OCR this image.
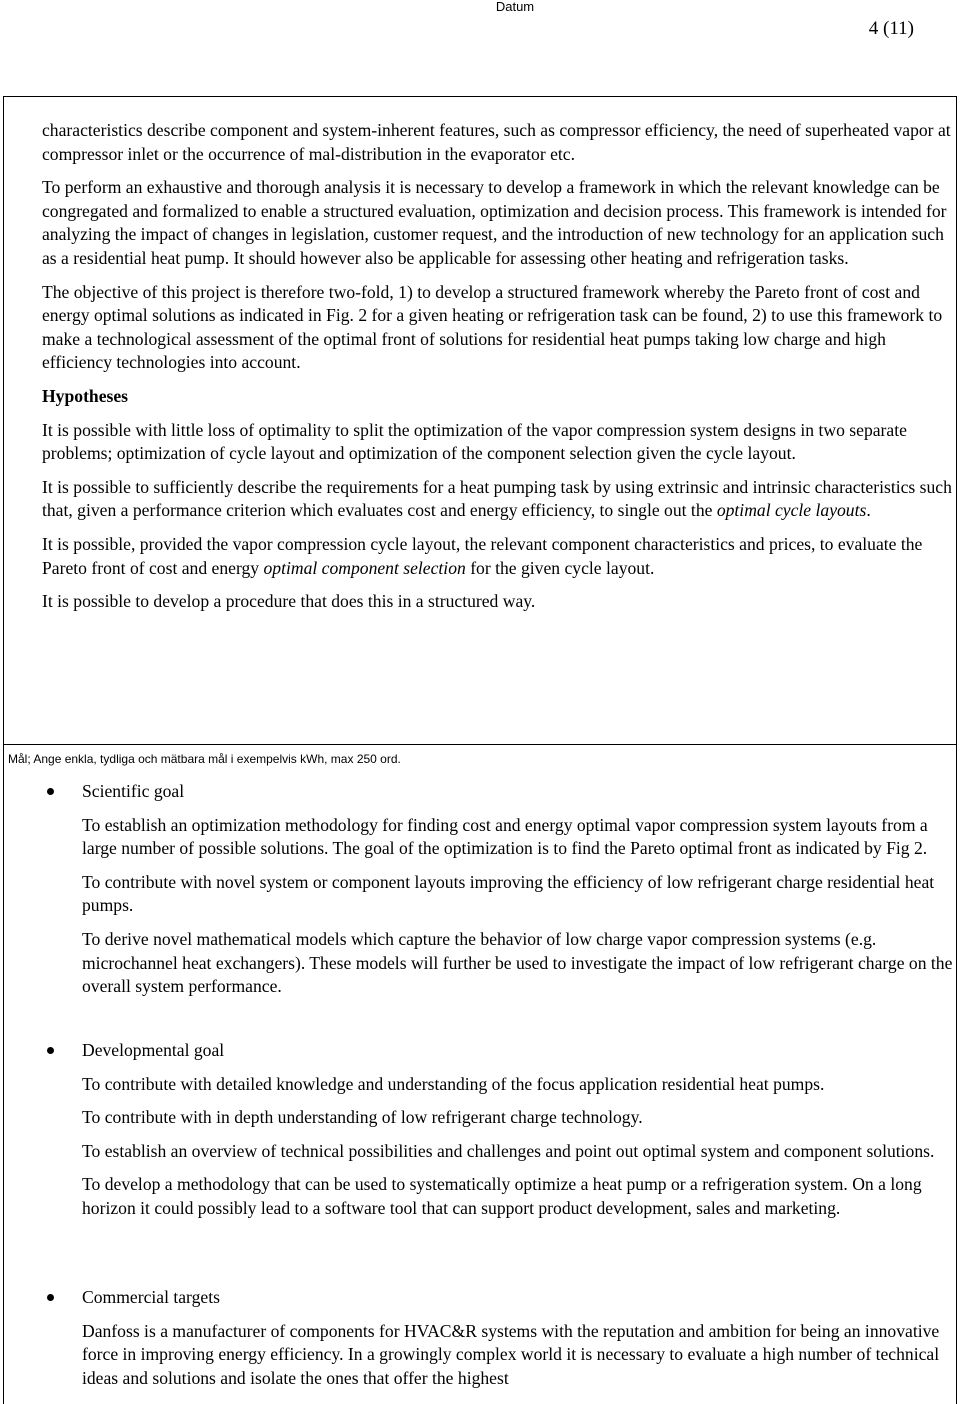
Datum
4 (11)

characteristics describe component and system-inherent features, such as compressor efficiency, the need of superheated vapor at compressor inlet or the occurrence of mal-distribution in the evaporator etc.

To perform an exhaustive and thorough analysis it is necessary to develop a framework in which the relevant knowledge can be congregated and formalized to enable a structured evaluation, optimization and decision process. This framework is intended for analyzing the impact of changes in legislation, customer request, and the introduction of new technology for an application such as a residential heat pump. It should however also be applicable for assessing other heating and refrigeration tasks.

The objective of this project is therefore two-fold, 1) to develop a structured framework whereby the Pareto front of cost and energy optimal solutions as indicated in Fig. 2 for a given heating or refrigeration task can be found, 2) to use this framework to make a technological assessment of the optimal front of solutions for residential heat pumps taking low charge and high efficiency technologies into account.

Hypotheses

It is possible with little loss of optimality to split the optimization of the vapor compression system designs in two separate problems; optimization of cycle layout and optimization of the component selection given the cycle layout.

It is possible to sufficiently describe the requirements for a heat pumping task by using extrinsic and intrinsic characteristics such that, given a performance criterion which evaluates cost and energy efficiency, to single out the optimal cycle layouts.

It is possible, provided the vapor compression cycle layout, the relevant component characteristics and prices, to evaluate the Pareto front of cost and energy optimal component selection for the given cycle layout.

It is possible to develop a procedure that does this in a structured way.

Mål; Ange enkla, tydliga och mätbara mål i exempelvis kWh, max 250 ord.
Scientific goal

To establish an optimization methodology for finding cost and energy optimal vapor compression system layouts from a large number of possible solutions. The goal of the optimization is to find the Pareto optimal front as indicated by Fig 2.

To contribute with novel system or component layouts improving the efficiency of low refrigerant charge residential heat pumps.

To derive novel mathematical models which capture the behavior of low charge vapor compression systems (e.g. microchannel heat exchangers). These models will further be used to investigate the impact of low refrigerant charge on the overall system performance.

Developmental goal

To contribute with detailed knowledge and understanding of the focus application residential heat pumps.

To contribute with in depth understanding of low refrigerant charge technology.

To establish an overview of technical possibilities and challenges and point out optimal system and component solutions.

To develop a methodology that can be used to systematically optimize a heat pump or a refrigeration system. On a long horizon it could possibly lead to a software tool that can support product development, sales and marketing.

Commercial targets

Danfoss is a manufacturer of components for HVAC&R systems with the reputation and ambition for being an innovative force in improving energy efficiency. In a growingly complex world it is necessary to evaluate a high number of technical ideas and solutions and isolate the ones that offer the highest
